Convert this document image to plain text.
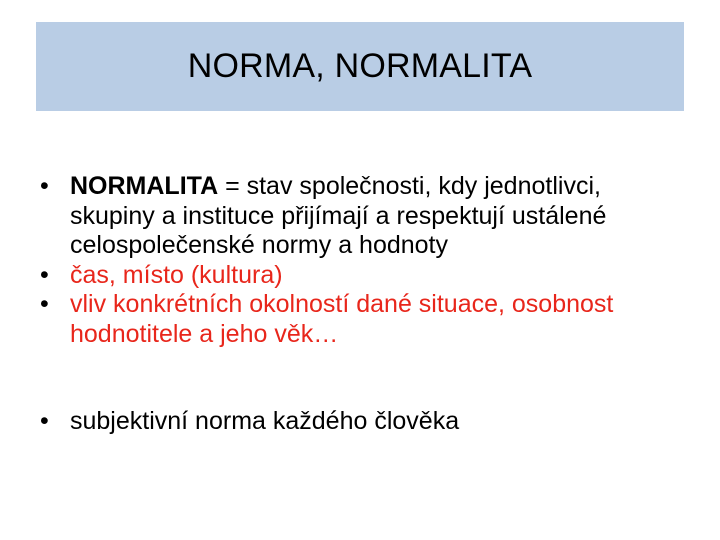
NORMA, NORMALITA
• NORMALITA = stav společnosti, kdy jednotlivci, skupiny a instituce přijímají a respektují ustálené celospolečenské normy a hodnoty
• čas, místo (kultura)
• vliv konkrétních okolností dané situace, osobnost hodnotitele a jeho věk…
• subjektivní norma každého člověka
